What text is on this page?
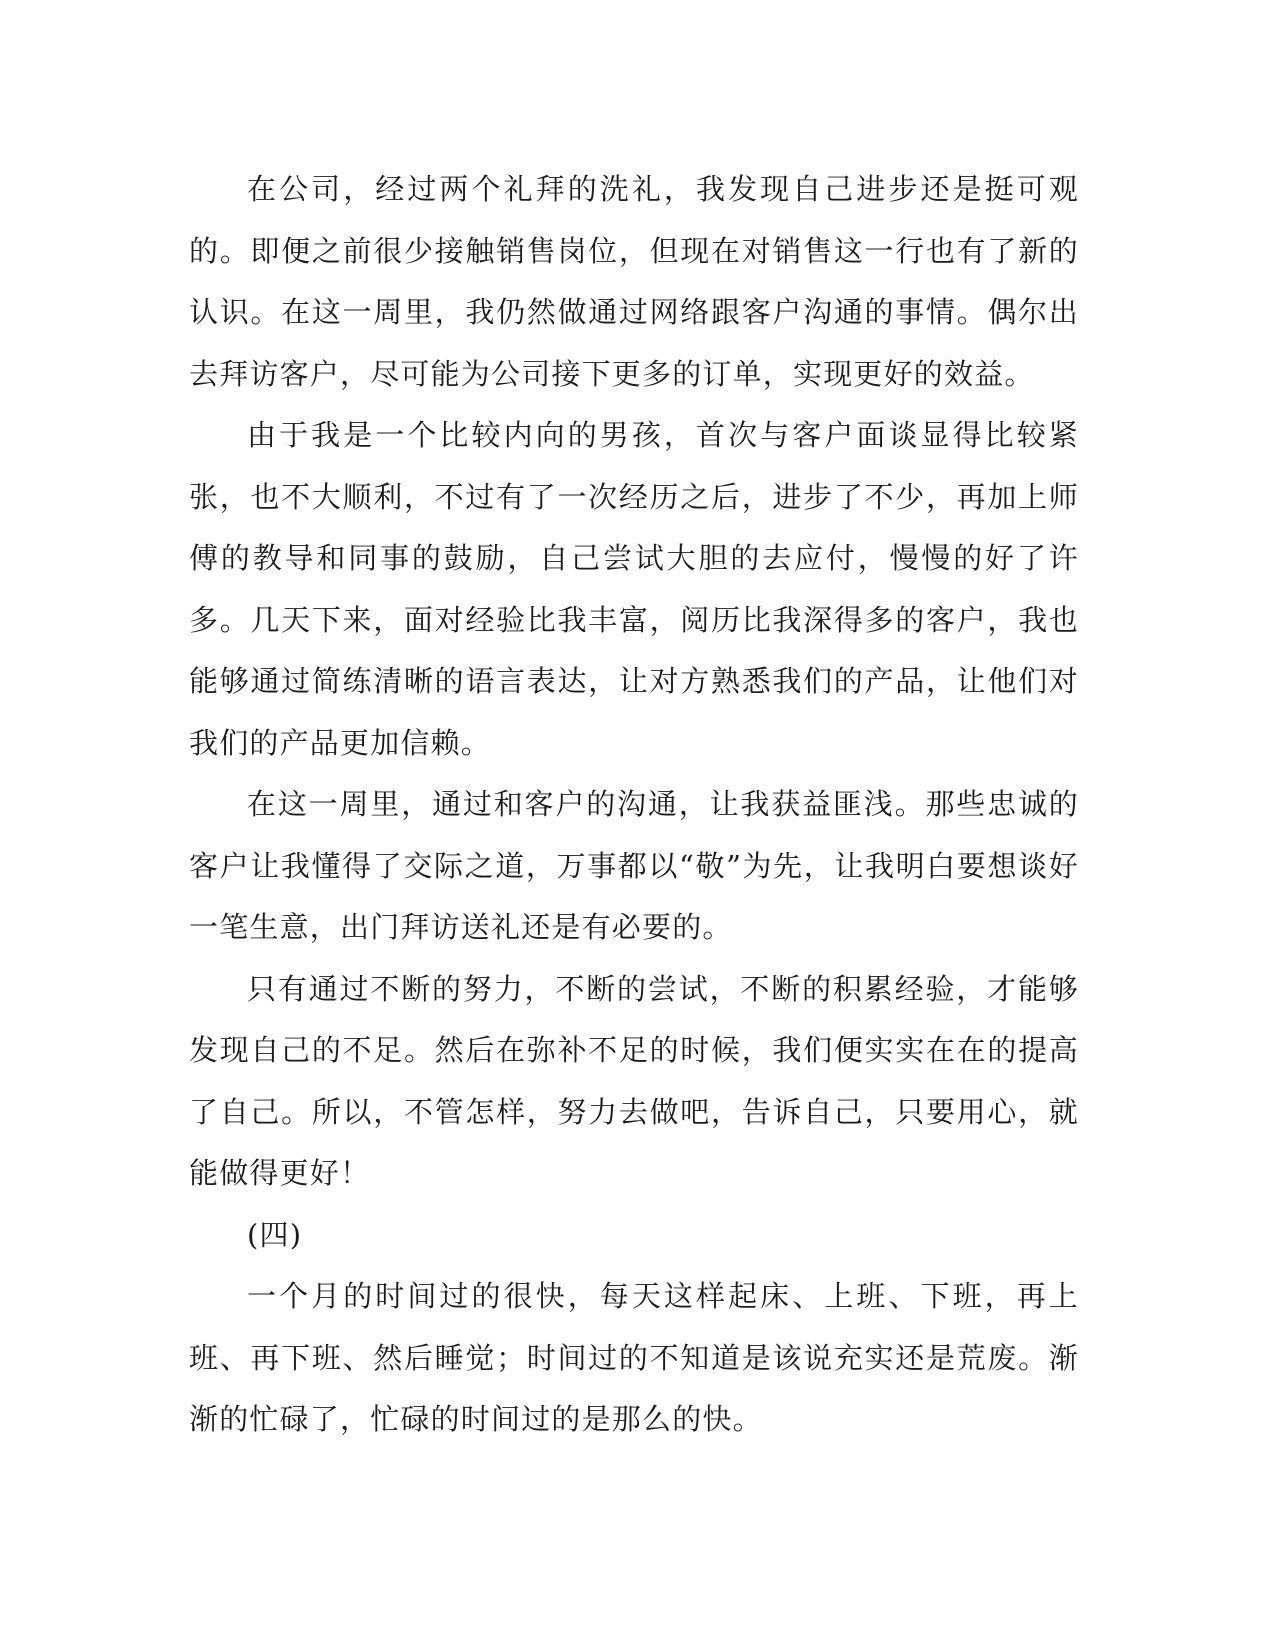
在公司，经过两个礼拜的洗礼，我发现自己进步还是挺可观的。即便之前很少接触销售岗位，但现在对销售这一行也有了新的认识。在这一周里，我仍然做通过网络跟客户沟通的事情。偶尔出去拜访客户，尽可能为公司接下更多的订单，实现更好的效益。

由于我是一个比较内向的男孩，首次与客户面谈显得比较紧张，也不大顺利，不过有了一次经历之后，进步了不少，再加上师傅的教导和同事的鼓励，自己尝试大胆的去应付，慢慢的好了许多。几天下来，面对经验比我丰富，阅历比我深得多的客户，我也能够通过简练清晰的语言表达，让对方熟悉我们的产品，让他们对我们的产品更加信赖。

在这一周里，通过和客户的沟通，让我获益匪浅。那些忠诚的客户让我懂得了交际之道，万事都以“敬”为先，让我明白要想谈好一笔生意，出门拜访送礼还是有必要的。

只有通过不断的努力，不断的尝试，不断的积累经验，才能够发现自己的不足。然后在弥补不足的时候，我们便实实在在的提高了自己。所以，不管怎样，努力去做吧，告诉自己，只要用心，就能做得更好！

(四)

一个月的时间过的很快，每天这样起床、上班、下班，再上班、再下班、然后睡觉；时间过的不知道是该说充实还是荒废。渐渐的忙碌了，忙碌的时间过的是那么的快。
